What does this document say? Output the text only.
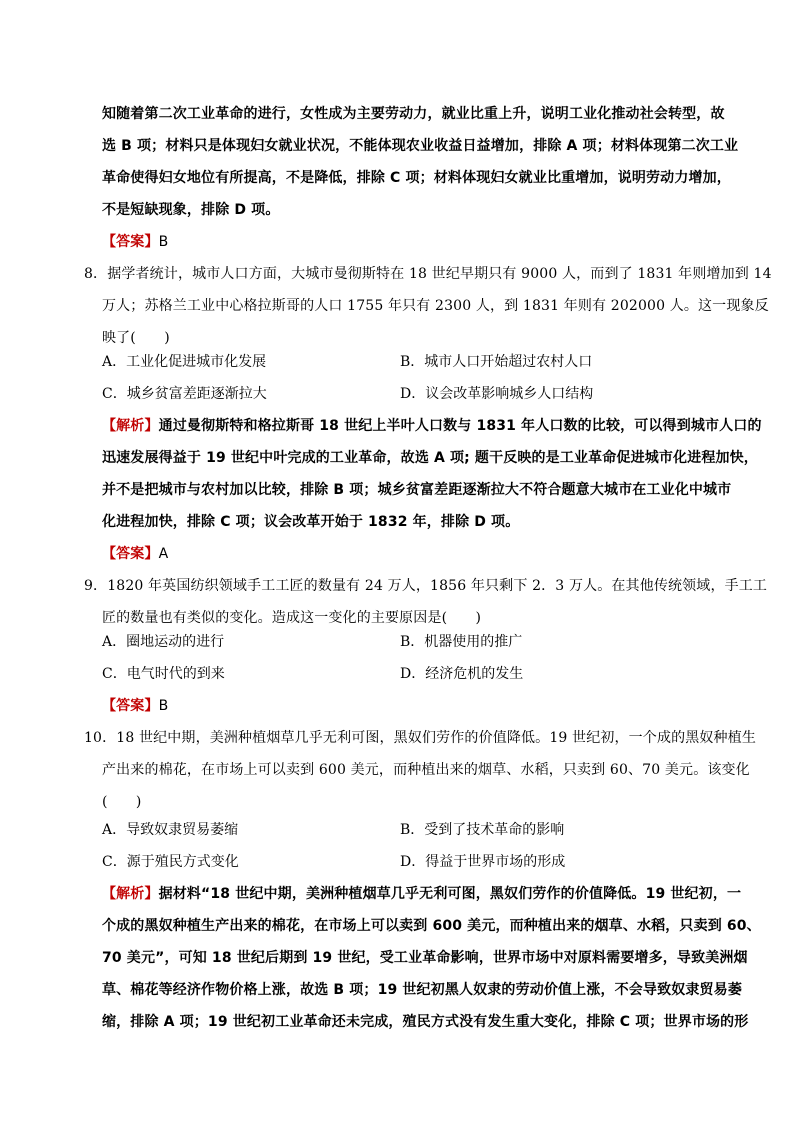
知随着第二次工业革命的进行，女性成为主要劳动力，就业比重上升，说明工业化推动社会转型，故
选 B 项；材料只是体现妇女就业状况，不能体现农业收益日益增加，排除 A 项；材料体现第二次工业
革命使得妇女地位有所提高，不是降低，排除 C 项；材料体现妇女就业比重增加，说明劳动力增加，
不是短缺现象，排除 D 项。
【答案】B
8．据学者统计，城市人口方面，大城市曼彻斯特在 18 世纪早期只有 9000 人，而到了 1831 年则增加到 14
万人；苏格兰工业中心格拉斯哥的人口 1755 年只有 2300 人，到 1831 年则有 202000 人。这一现象反
映了(　　)
A．工业化促进城市化发展	B．城市人口开始超过农村人口
C．城乡贫富差距逐渐拉大	D．议会改革影响城乡人口结构
【解析】通过曼彻斯特和格拉斯哥 18 世纪上半叶人口数与 1831 年人口数的比较，可以得到城市人口的
迅速发展得益于 19 世纪中叶完成的工业革命，故选 A 项; 题干反映的是工业革命促进城市化进程加快，
并不是把城市与农村加以比较，排除 B 项；城乡贫富差距逐渐拉大不符合题意大城市在工业化中城市
化进程加快，排除 C 项；议会改革开始于 1832 年，排除 D 项。
【答案】A
9．1820 年英国纺织领域手工工匠的数量有 24 万人，1856 年只剩下 2．3 万人。在其他传统领域，手工工
匠的数量也有类似的变化。造成这一变化的主要原因是(　　)
A．圈地运动的进行	B．机器使用的推广
C．电气时代的到来	D．经济危机的发生
【答案】B
10．18 世纪中期，美洲种植烟草几乎无利可图，黑奴们劳作的价值降低。19 世纪初，一个成的黑奴种植生
产出来的棉花，在市场上可以卖到 600 美元，而种植出来的烟草、水稻，只卖到 60、70 美元。该变化
(　　)
A．导致奴隶贸易萎缩	B．受到了技术革命的影响
C．源于殖民方式变化	D．得益于世界市场的形成
【解析】据材料“18 世纪中期，美洲种植烟草几乎无利可图，黑奴们劳作的价值降低。19 世纪初，一
个成的黑奴种植生产出来的棉花，在市场上可以卖到 600 美元，而种植出来的烟草、水稻，只卖到 60、
70 美元”，可知 18 世纪后期到 19 世纪，受工业革命影响，世界市场中对原料需要增多，导致美洲烟
草、棉花等经济作物价格上涨，故选 B 项；19 世纪初黑人奴隶的劳动价值上涨，不会导致奴隶贸易萎
缩，排除 A 项；19 世纪初工业革命还未完成，殖民方式没有发生重大变化，排除 C 项；世界市场的形
